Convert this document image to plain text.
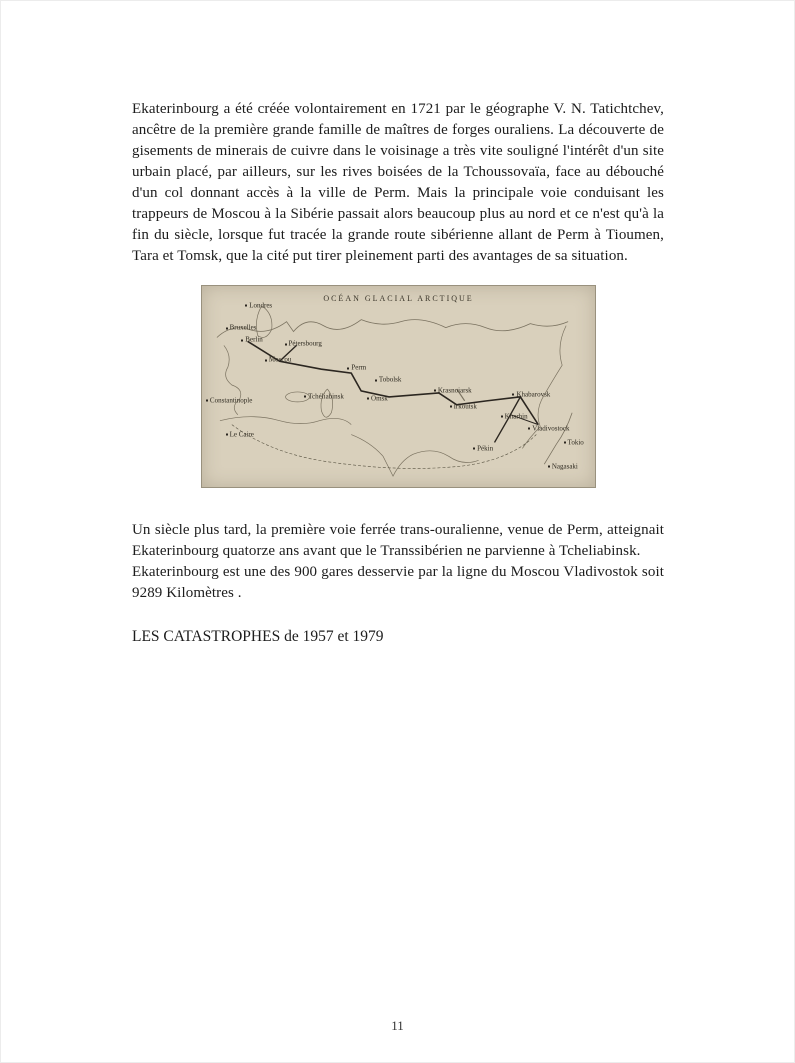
Ekaterinbourg a été créée volontairement en 1721 par le géographe V. N. Tatichtchev, ancêtre de la première grande famille de maîtres de forges ouraliens. La découverte de gisements de minerais de cuivre dans le voisinage a très vite souligné l'intérêt d'un site urbain placé, par ailleurs, sur les rives boisées de la Tchoussovaïa, face au débouché d'un col donnant accès à la ville de Perm. Mais la principale voie conduisant les trappeurs de Moscou à la Sibérie passait alors beaucoup plus au nord et ce n'est qu'à la fin du siècle, lorsque fut tracée la grande route sibérienne allant de Perm à Tioumen, Tara et Tomsk, que la cité put tirer pleinement parti des avantages de sa situation.

OCÉAN GLACIAL ARCTIQUE
Londres
Bruxelles
Berlin
Pétersbourg
Moscou
Perm
Tobolsk
Tchéliabinsk	Omsk
Krasnoiarsk
Irkoutsk
Khabarovsk
Kharbin
Vladivostock
Pékin
Tokio
Nagasaki
Le Caire
Constantinople

Un siècle plus tard, la première voie ferrée trans-ouralienne, venue de Perm, atteignait Ekaterinbourg quatorze ans avant que le Transsibérien ne parvienne à Tcheliabinsk.

Ekaterinbourg est une des 900 gares desservie par la ligne du Moscou Vladivostok soit 9289 Kilomètres .

LES CATASTROPHES de 1957 et 1979

11
